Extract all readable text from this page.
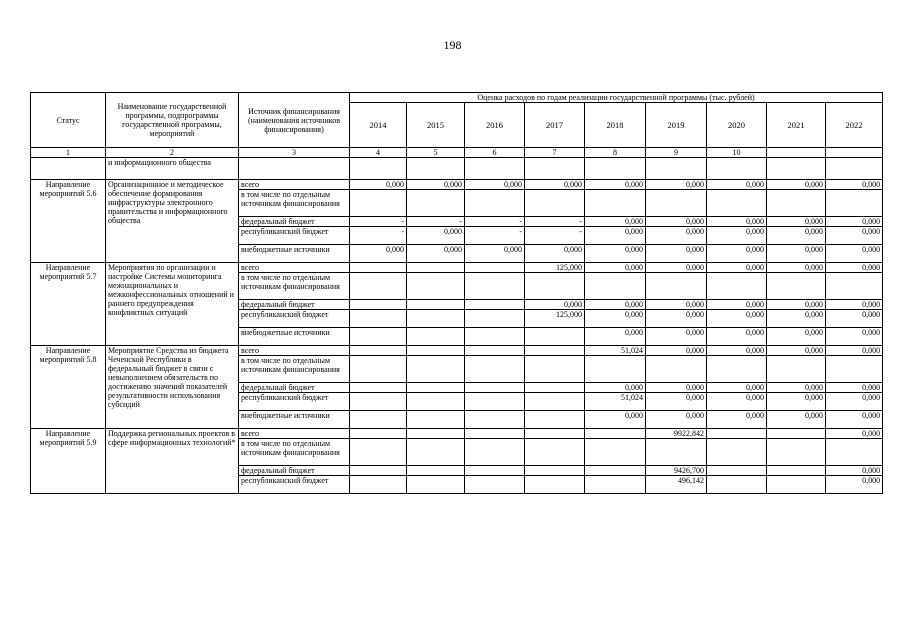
198
Статус	Наименование государственной программы, подпрограммы государственной программы, мероприятий	Источник финансирования (наименования источников финансирования)	Оценка расходов по годам реализации государственной программы (тыс. рублей)								
			2014	2015	2016	2017	2018	2019	2020	2021	2022
1	2	3	4	5	6	7	8	9	10		
	и информационного общества										
Направление мероприятий 5.6	Организационное и методическое обеспечение формирования инфраструктуры электронного правительства и информационного общества	всего	0,000	0,000	0,000	0,000	0,000	0,000	0,000	0,000	0,000
		в том числе по отдельным источникам финансирования									
		федеральный бюджет	-	-	-	-	0,000	0,000	0,000	0,000	0,000
		республиканский бюджет	-	0,000	-	-	0,000	0,000	0,000	0,000	0,000
		внебюджетные источники	0,000	0,000	0,000	0,000	0,000	0,000	0,000	0,000	0,000
Направление мероприятий 5.7	Мероприятия по организации и настройке Системы мониторинга межнациональных и межконфессиональных отношений и раннего предупреждения конфликтных ситуаций	всего				125,000	0,000	0,000	0,000	0,000	0,000
		в том числе по отдельным источникам финансирования									
		федеральный бюджет				0,000	0,000	0,000	0,000	0,000	0,000
		республиканский бюджет				125,000	0,000	0,000	0,000	0,000	0,000
		внебюджетные источники					0,000	0,000	0,000	0,000	0,000
Направление мероприятий 5.8	Мероприятие Средства из бюджета Чеченской Республики в федеральный бюджет в связи с невыполнением обязательств по достижению значений показателей результативности использования субсидий	всего					51,024	0,000	0,000	0,000	0,000
		в том числе по отдельным источникам финансирования									
		федеральный бюджет					0,000	0,000	0,000	0,000	0,000
		республиканский бюджет					51,024	0,000	0,000	0,000	0,000
		внебюджетные источники					0,000	0,000	0,000	0,000	0,000
Направление мероприятий 5.9	Поддержка региональных проектов в сфере информационных технологий*	всего						9922,842			0,000
		в том числе по отдельным источникам финансирования									
		федеральный бюджет						9426,700			0,000
		республиканский бюджет						496,142			0,000
